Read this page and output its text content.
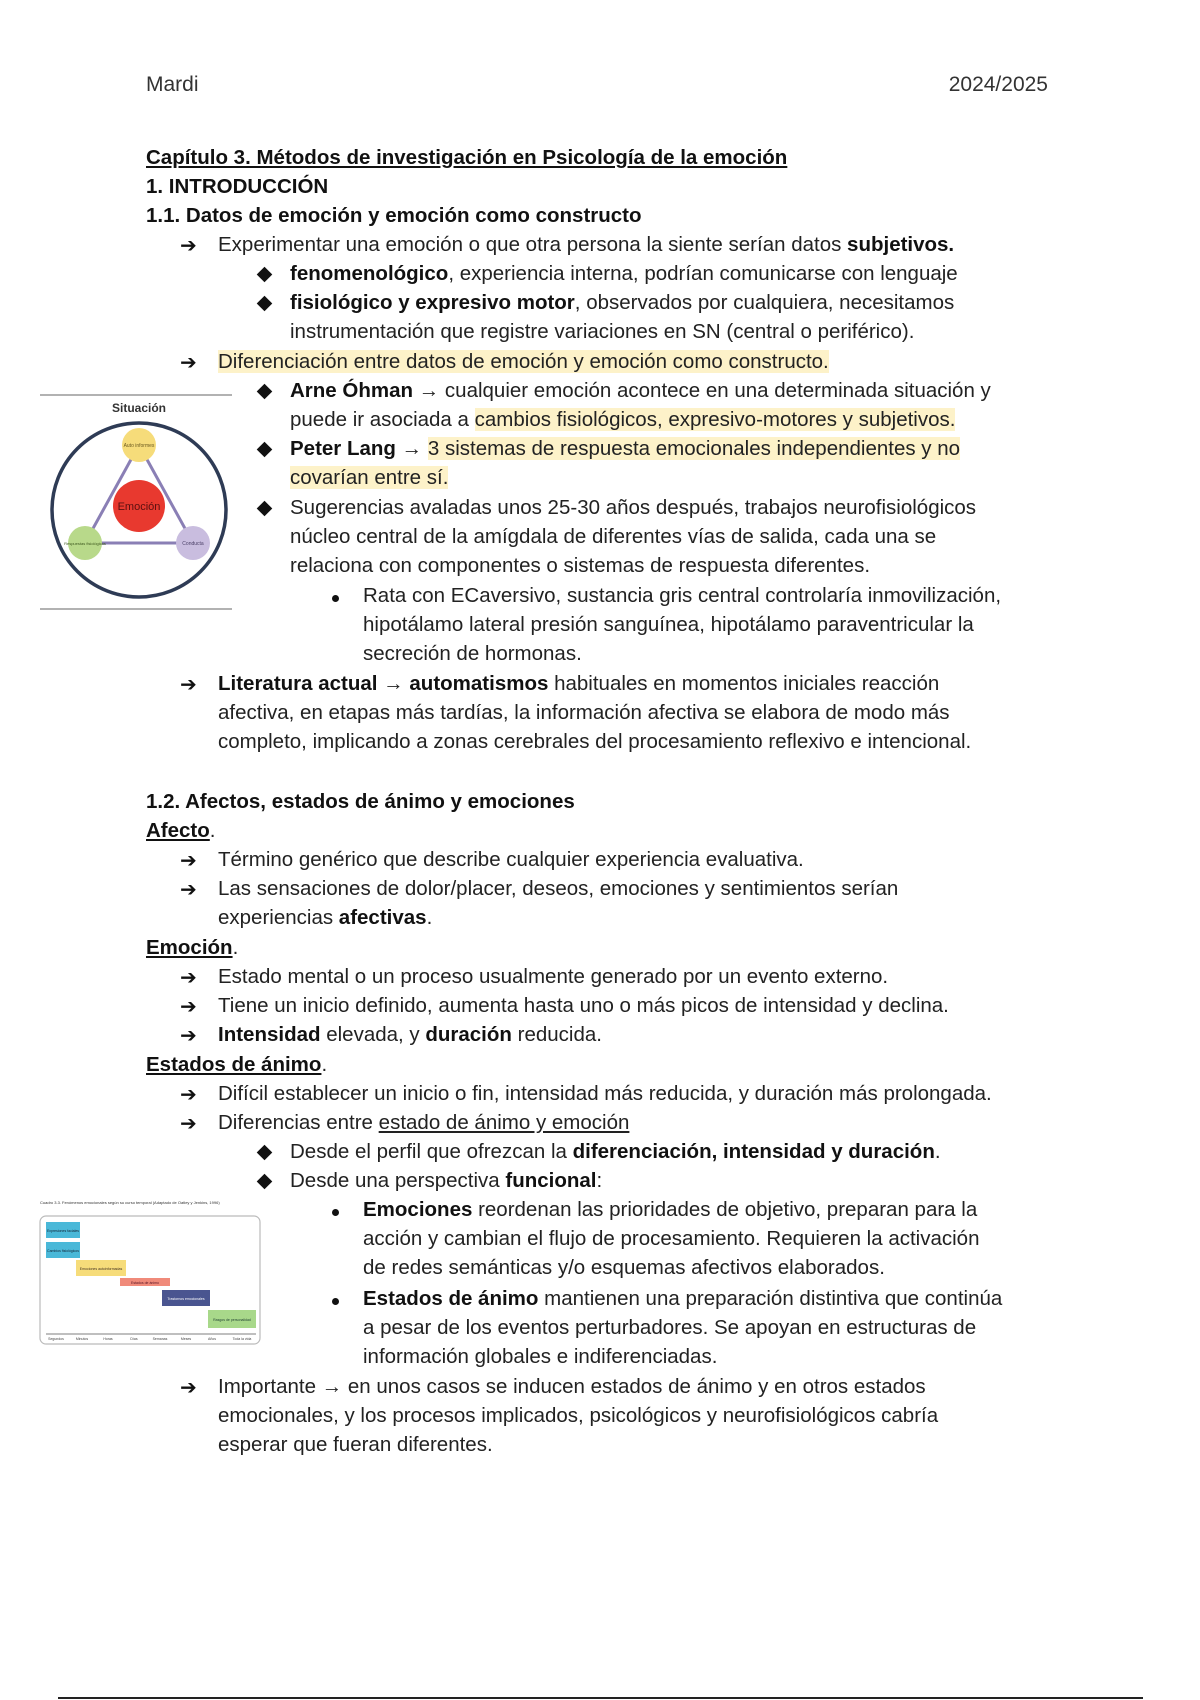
Mardi	2024/2025
Capítulo 3. Métodos de investigación en Psicología de la emoción
1. INTRODUCCIÓN
1.1. Datos de emoción y emoción como constructo
➔ Experimentar una emoción o que otra persona la siente serían datos subjetivos.
fenomenológico, experiencia interna, podrían comunicarse con lenguaje
fisiológico y expresivo motor, observados por cualquiera, necesitamos
instrumentación que registre variaciones en SN (central o periférico).
➔ Diferenciación entre datos de emoción y emoción como constructo.
Arne Óhman → cualquier emoción acontece en una determinada situación y
puede ir asociada a cambios fisiológicos, expresivo-motores y subjetivos.
Peter Lang → 3 sistemas de respuesta emocionales independientes y no
covarían entre sí.
Sugerencias avaladas unos 25-30 años después, trabajos neurofisiológicos
núcleo central de la amígdala de diferentes vías de salida, cada una se
relaciona con componentes o sistemas de respuesta diferentes.
Rata con ECaversivo, sustancia gris central controlaría inmovilización,
hipotálamo lateral presión sanguínea, hipotálamo paraventricular la
secreción de hormonas.
➔ Literatura actual → automatismos habituales en momentos iniciales reacción
afectiva, en etapas más tardías, la información afectiva se elabora de modo más
completo, implicando a zonas cerebrales del procesamiento reflexivo e intencional.
1.2. Afectos, estados de ánimo y emociones
Afecto.
➔ Término genérico que describe cualquier experiencia evaluativa.
➔ Las sensaciones de dolor/placer, deseos, emociones y sentimientos serían
experiencias afectivas.
Emoción.
➔ Estado mental o un proceso usualmente generado por un evento externo.
➔ Tiene un inicio definido, aumenta hasta uno o más picos de intensidad y declina.
➔ Intensidad elevada, y duración reducida.
Estados de ánimo.
➔ Difícil establecer un inicio o fin, intensidad más reducida, y duración más prolongada.
➔ Diferencias entre estado de ánimo y emoción
Desde el perfil que ofrezcan la diferenciación, intensidad y duración.
Desde una perspectiva funcional:
Emociones reordenan las prioridades de objetivo, preparan para la
acción y cambian el flujo de procesamiento. Requieren la activación
de redes semánticas y/o esquemas afectivos elaborados.
Estados de ánimo mantienen una preparación distintiva que continúa
a pesar de los eventos perturbadores. Se apoyan en estructuras de
información globales e indiferenciadas.
➔ Importante → en unos casos se inducen estados de ánimo y en otros estados
emocionales, y los procesos implicados, psicológicos y neurofisiológicos cabría
esperar que fueran diferentes.
Situación
Emoción
Auto informes
Respuestas fisiológicas	Conducta
Cuadro 3.3. Fenómenos emocionales según su curso temporal (Adaptado de Oatley y Jenkins, 1996)
Expresiones faciales
Cambios fisiológicos
Emociones autoinformadas
Estados de ánimo
Trastornos emocionales
Rasgos de personalidad
Segundos	Minutos	Horas	Días	Semanas	Meses	Años	Toda la vida
